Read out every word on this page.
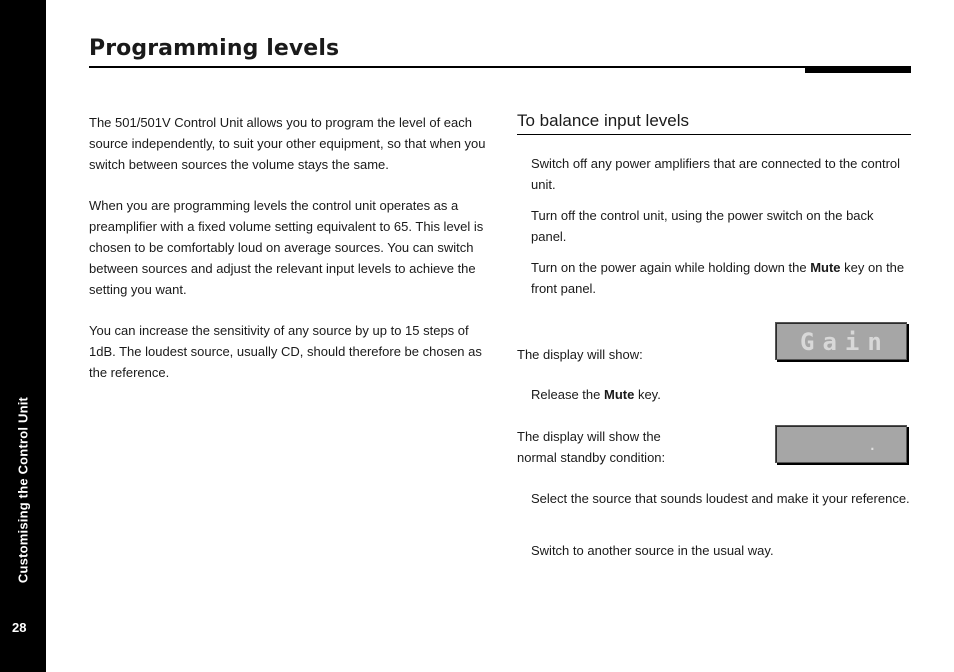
Customising the Control Unit
28
Programming levels

The 501/501V Control Unit allows you to program the level of each source independently, to suit your other equipment, so that when you switch between sources the volume stays the same.

When you are programming levels the control unit operates as a preamplifier with a fixed volume setting equivalent to 65. This level is chosen to be comfortably loud on average sources. You can switch between sources and adjust the relevant input levels to achieve the setting you want.

You can increase the sensitivity of any source by up to 15 steps of 1dB. The loudest source, usually CD, should therefore be chosen as the reference.

To balance input levels

Switch off any power amplifiers that are connected to the control unit.

Turn off the control unit, using the power switch on the back panel.

Turn on the power again while holding down the Mute key on the front panel.

The display will show:	Gain

Release the Mute key.

The display will show the
normal standby condition:

.

Select the source that sounds loudest and make it your reference.

Switch to another source in the usual way.
